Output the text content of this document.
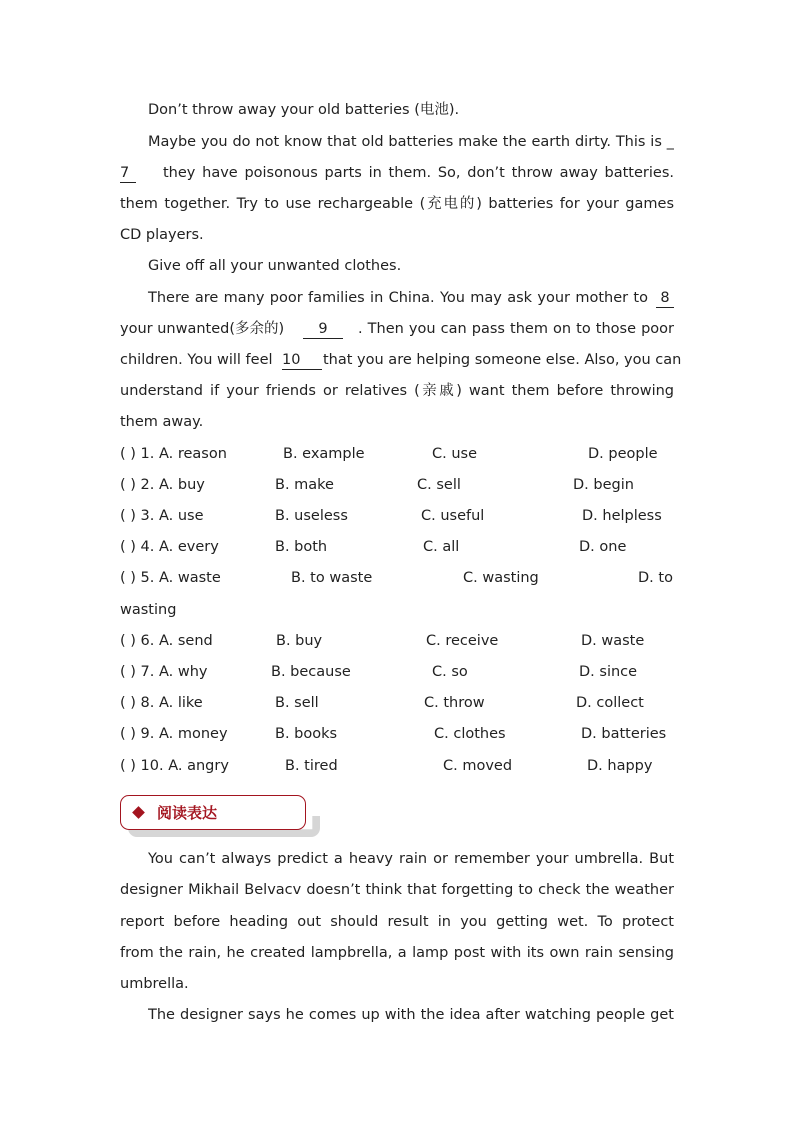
Don’t throw away your old batteries (电池).
Maybe you do not know that old batteries make the earth dirty. This is _
7 they have poisonous parts in them. So, don’t throw away batteries.
them together. Try to use rechargeable (充电的) batteries for your games
CD players.
Give off all your unwanted clothes.
There are many poor families in China. You may ask your mother to 8
your unwanted(多余的)	9	. Then you can pass them on to those poor
children. You will feel 10	that you are helping someone else. Also, you can
understand if your friends or relatives (亲戚) want them before throwing
them away.
( ) 1. A. reason	B. example	C. use	D. people
( ) 2. A. buy	B. make	C. sell	D. begin
( ) 3. A. use	B. useless	C. useful	D. helpless
( ) 4. A. every	B. both	C. all	D. one
( ) 5. A. waste	B. to waste	C. wasting	D. to
wasting
( ) 6. A. send	B. buy	C. receive	D. waste
( ) 7. A. why	B. because	C. so	D. since
( ) 8. A. like	B. sell	C. throw	D. collect
( ) 9. A. money	B. books	C. clothes	D. batteries
( ) 10. A. angry	B. tired	C. moved	D. happy
阅读表达
You can’t always predict a heavy rain or remember your umbrella. But
designer Mikhail Belvacv doesn’t think that forgetting to check the weather
report before heading out should result in you getting wet. To protect
from the rain, he created lampbrella, a lamp post with its own rain sensing
umbrella.
The designer says he comes up with the idea after watching people get
